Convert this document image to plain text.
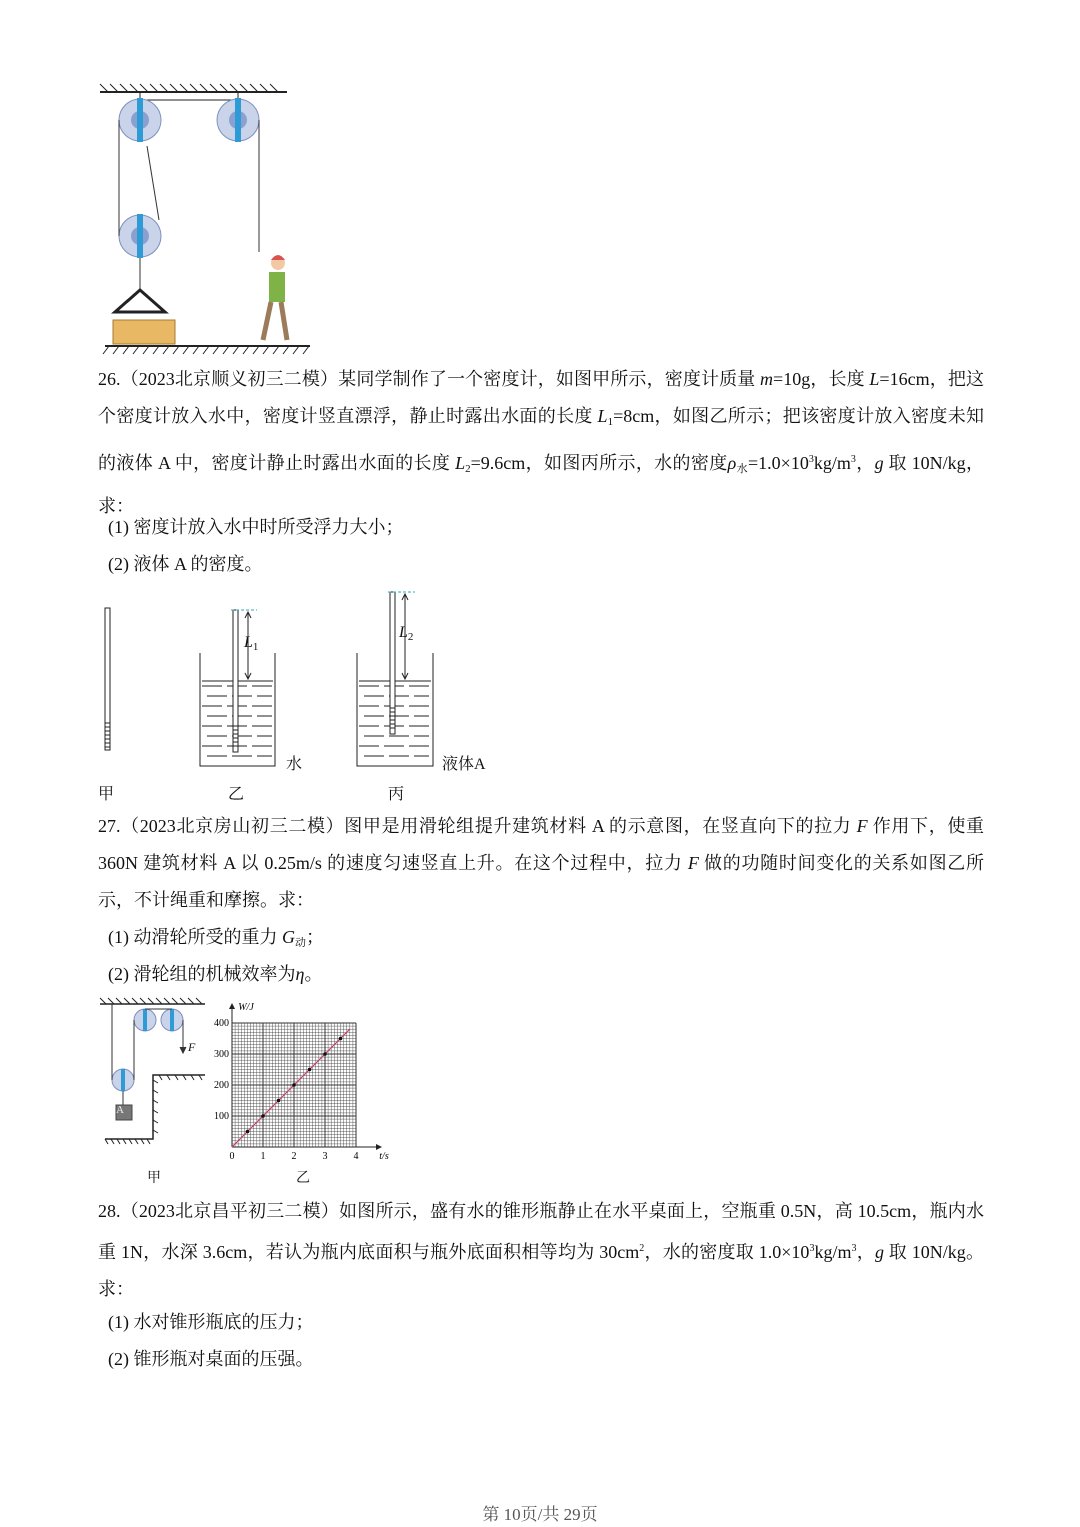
26.（2023北京顺义初三二模）某同学制作了一个密度计，如图甲所示，密度计质量 m=10g，长度 L=16cm，把这个密度计放入水中，密度计竖直漂浮，静止时露出水面的长度 L1=8cm，如图乙所示；把该密度计放入密度未知的液体 A 中，密度计静止时露出水面的长度 L2=9.6cm，如图丙所示，水的密度ρ水$=1.0\times 10^3kg/m^3$，g 取 10N/kg，求：
(1) 密度计放入水中时所受浮力大小；
(2) 液体 A 的密度。
L1
L2
水	液体A
甲	乙	丙
27.（2023北京房山初三二模）图甲是用滑轮组提升建筑材料 A 的示意图，在竖直向下的拉力 F 作用下，使重 360N 建筑材料 A 以 0.25m/s 的速度匀速竖直上升。在这个过程中，拉力 F 做的功随时间变化的关系如图乙所示，不计绳重和摩擦。求：
(1) 动滑轮所受的重力 G动；
(2) 滑轮组的机械效率为η。
A
F
0	1	2	3	4
100
200
300
400
t/s
W/J
甲	乙
28.（2023北京昌平初三二模）如图所示，盛有水的锥形瓶静止在水平桌面上，空瓶重 0.5N，高 10.5cm，瓶内水重 1N，水深 3.6cm，若认为瓶内底面积与瓶外底面积相等均为 $30cm^2$，水的密度取 $1.0\times 10^3kg/m^3$，g 取 10N/kg。求：
(1) 水对锥形瓶底的压力；
(2) 锥形瓶对桌面的压强。
第 10页/共 29页
